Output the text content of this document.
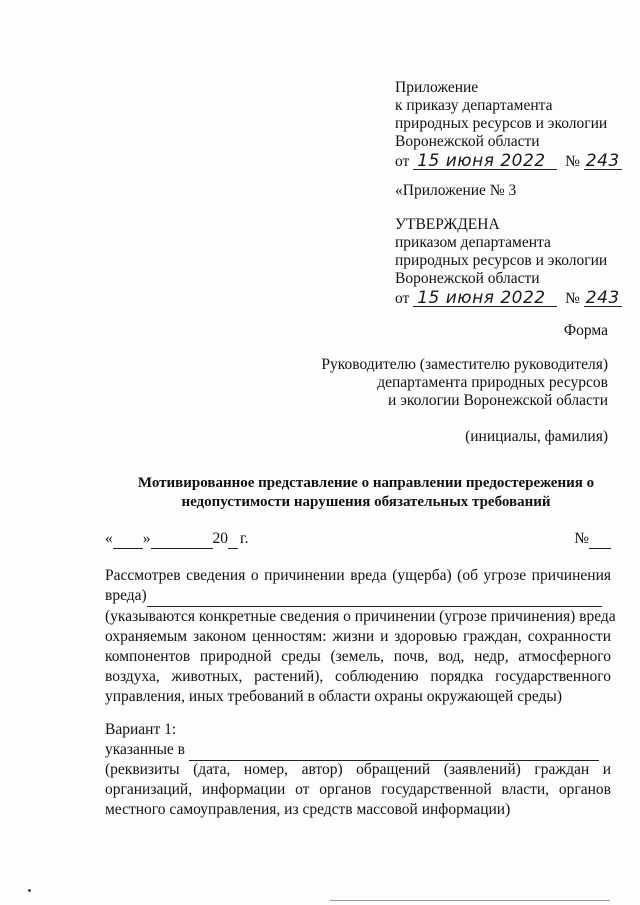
Приложение
к приказу департамента
природных ресурсов и экологии
Воронежской области
от 15 июня 2022 № 243
«Приложение № 3
УТВЕРЖДЕНА
приказом департамента
природных ресурсов и экологии
Воронежской области
от 15 июня 2022 № 243
Форма
Руководителю (заместителю руководителя)
департамента природных ресурсов
и экологии Воронежской области
(инициалы, фамилия)
Мотивированное представление о направлении предостережения о
недопустимости нарушения обязательных требований
« »	20 г.	№
Рассмотрев сведения о причинении вреда (ущерба) (об угрозе причинения
вреда)
(указываются конкретные сведения о причинении (угрозе причинения) вреда
охраняемым законом ценностям: жизни и здоровью граждан, сохранности
компонентов природной среды (земель, почв, вод, недр, атмосферного
воздуха, животных, растений), соблюдению порядка государственного
управления, иных требований в области охраны окружающей среды)
Вариант 1:
указанные в
(реквизиты (дата, номер, автор) обращений (заявлений) граждан и
организаций, информации от органов государственной власти, органов
местного самоуправления, из средств массовой информации)
